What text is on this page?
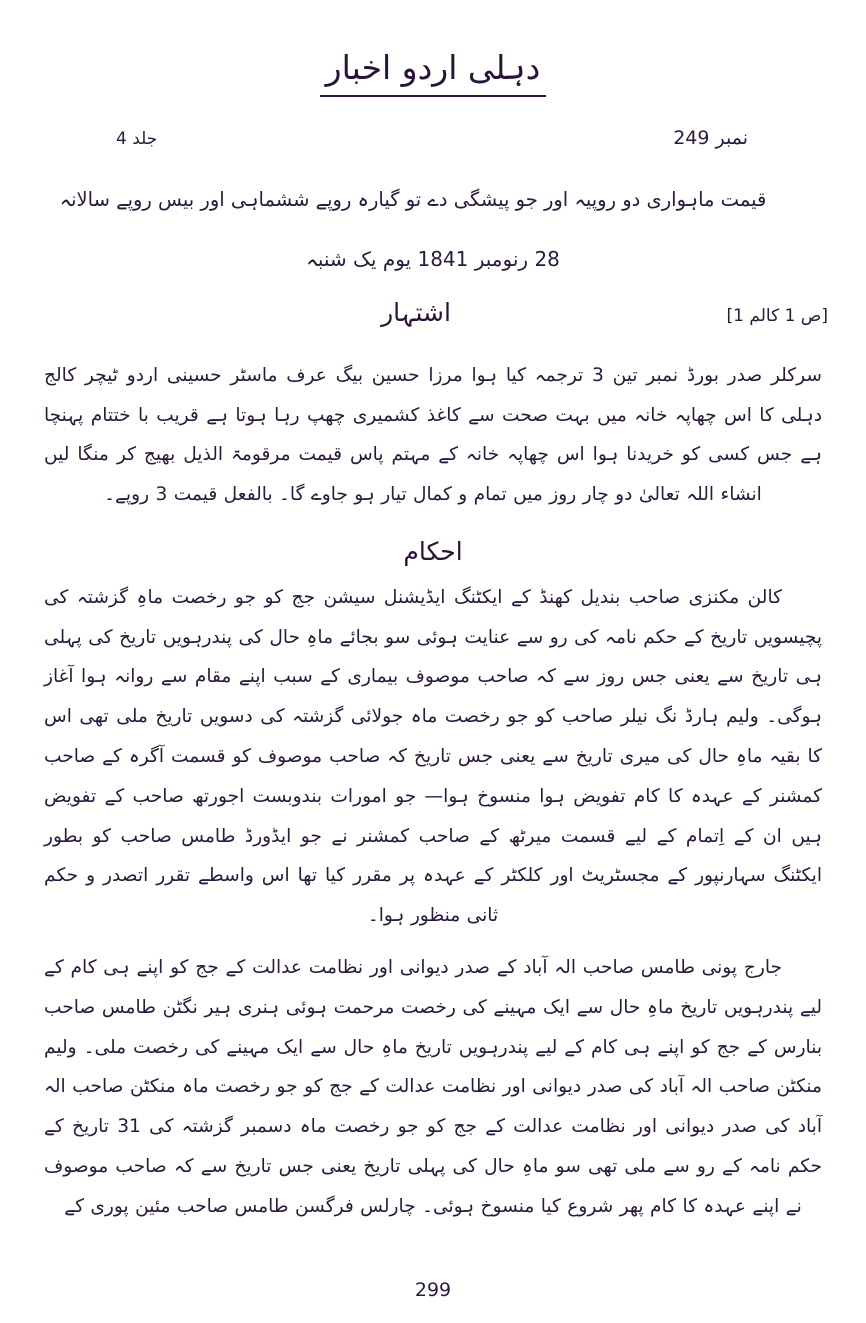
دہلی اردو اخبار
نمبر 249
جلد 4
قیمت ماہواری دو روپیہ اور جو پیشگی دے تو گیارہ روپے ششماہی اور بیس روپے سالانہ
28 رنومبر 1841 یوم یک شنبہ
اشتہار	[ص 1 کالم 1]
سرکلر صدر بورڈ نمبر تین 3 ترجمہ کیا ہوا مرزا حسین بیگ عرف ماسٹر حسینی اردو ٹیچر کالج دہلی کا اس چھاپہ خانہ میں بہت صحت سے کاغذ کشمیری چھپ رہا ہوتا ہے قریب با ختتام پہنچا ہے جس کسی کو خریدنا ہوا اس چھاپہ خانہ کے مہتم پاس قیمت مرقومۃ الذیل بھیج کر منگا لیں انشاء اللہ تعالیٰ دو چار روز میں تمام و کمال تیار ہو جاوے گا۔ بالفعل قیمت 3 روپے۔
احکام
کالن مکنزی صاحب بندیل کھنڈ کے ایکٹنگ ایڈیشنل سیشن جج کو جو رخصت ماہِ گزشتہ کی پچیسویں تاریخ کے حکم نامہ کی رو سے عنایت ہوئی سو بجائے ماہِ حال کی پندرہویں تاریخ کی پہلی ہی تاریخ سے یعنی جس روز سے کہ صاحب موصوف بیماری کے سبب اپنے مقام سے روانہ ہوا آغاز ہوگی۔ ولیم ہارڈ نگ نیلر صاحب کو جو رخصت ماہ جولائی گزشتہ کی دسویں تاریخ ملی تھی اس کا بقیہ ماہِ حال کی میری تاریخ سے یعنی جس تاریخ کہ صاحب موصوف کو قسمت آگرہ کے صاحب کمشنر کے عہدہ کا کام تفویض ہوا منسوخ ہوا— جو امورات بندوبست اجورتھ صاحب کے تفویض ہیں ان کے اِتمام کے لیے قسمت میرٹھ کے صاحب کمشنر نے جو ایڈورڈ طامس صاحب کو بطور ایکٹنگ سہارنپور کے مجسٹریٹ اور کلکٹر کے عہدہ پر مقرر کیا تھا اس واسطے تقرر اتصدر و حکم ثانی منظور ہوا۔
جارج پونی طامس صاحب الہ آباد کے صدر دیوانی اور نظامت عدالت کے جج کو اپنے ہی کام کے لیے پندرہویں تاریخ ماہِ حال سے ایک مہینے کی رخصت مرحمت ہوئی ہنری ہیر نگٹن طامس صاحب بنارس کے جج کو اپنے ہی کام کے لیے پندرہویں تاریخ ماہِ حال سے ایک مہینے کی رخصت ملی۔ ولیم منکٹن صاحب الہ آباد کی صدر دیوانی اور نظامت عدالت کے جج کو جو رخصت ماہ منکٹن صاحب الہ آباد کی صدر دیوانی اور نظامت عدالت کے جج کو جو رخصت ماہ دسمبر گزشتہ کی 31 تاریخ کے حکم نامہ کے رو سے ملی تھی سو ماہِ حال کی پہلی تاریخ یعنی جس تاریخ سے کہ صاحب موصوف نے اپنے عہدہ کا کام پھر شروع کیا منسوخ ہوئی۔ چارلس فرگسن طامس صاحب مئین پوری کے
299
